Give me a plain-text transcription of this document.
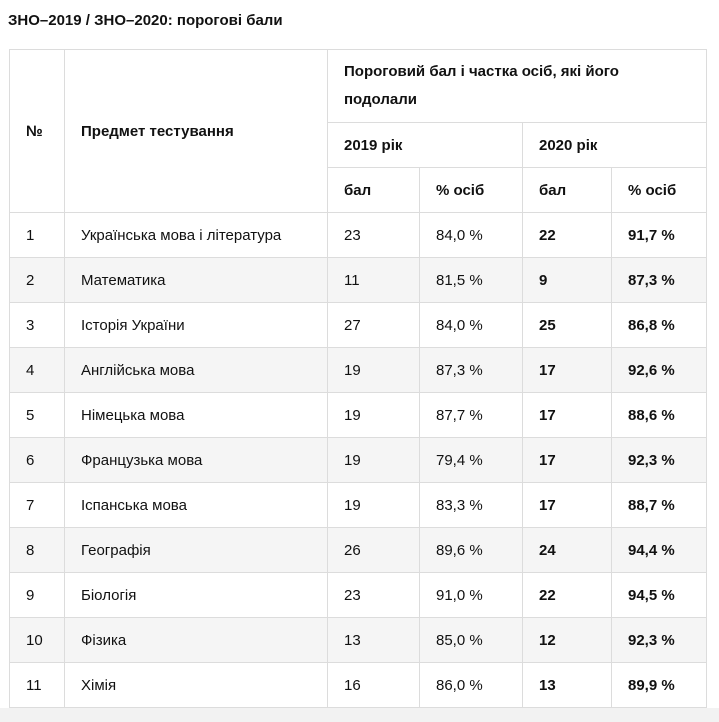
ЗНО–2019 / ЗНО–2020: порогові бали
№	Предмет тестування	Пороговий бал і частка осіб, які його подолали			
		2019 рік		2020 рік	
		бал	% осіб	бал	% осіб
1	Українська мова і література	23	84,0 %	22	91,7 %
2	Математика	11	81,5 %	9	87,3 %
3	Історія України	27	84,0 %	25	86,8 %
4	Англійська мова	19	87,3 %	17	92,6 %
5	Німецька мова	19	87,7 %	17	88,6 %
6	Французька мова	19	79,4 %	17	92,3 %
7	Іспанська мова	19	83,3 %	17	88,7 %
8	Географія	26	89,6 %	24	94,4 %
9	Біологія	23	91,0 %	22	94,5 %
10	Фізика	13	85,0 %	12	92,3 %
11	Хімія	16	86,0 %	13	89,9 %
